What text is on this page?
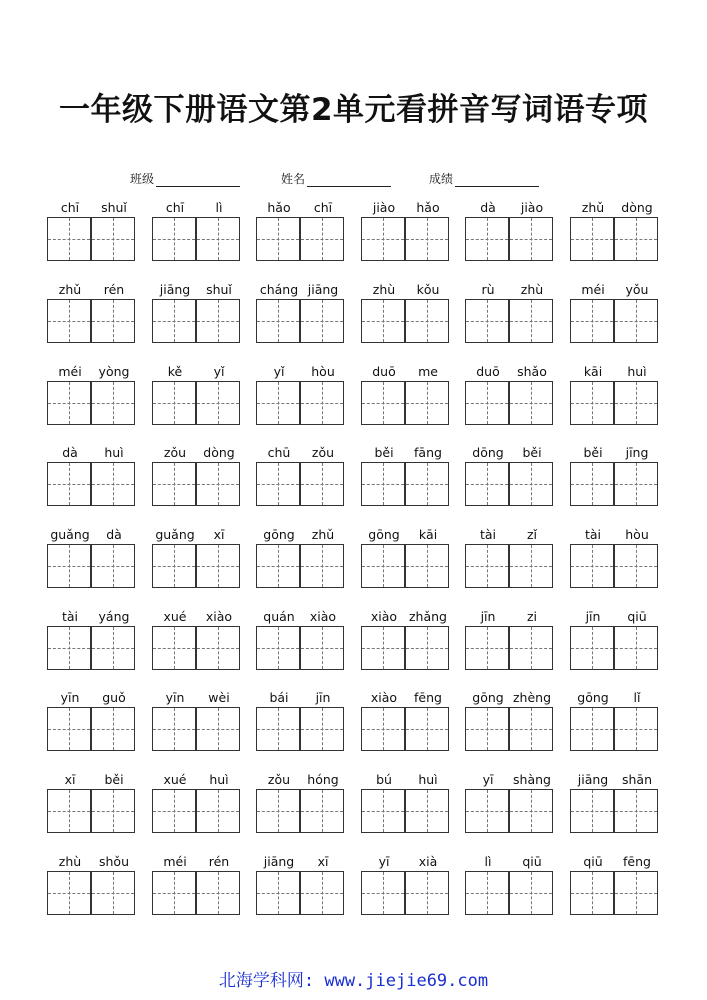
一年级下册语文第2单元看拼音写词语专项
班级	姓名	成绩
chī	shuǐ	chī	lì	hǎo	chī	jiào	hǎo	dà	jiào	zhǔ	dòng
zhǔ	rén	jiāng	shuǐ	cháng jiāng	zhù	kǒu	rù	zhù	méi	yǒu
méi	yòng	kě	yǐ	yǐ	hòu	duō	me	duō	shǎo	kāi	huì
dà	huì	zǒu	dòng	chū	zǒu	běi	fāng	dōng	běi	běi	jīng
guǎng	dà	guǎng	xī	gōng	zhǔ	gōng	kāi	tài	zǐ	tài	hòu
tài	yáng	xué	xiào	quán	xiào	xiào zhǎng	jīn	zi	jīn	qiū
yīn	guǒ	yīn	wèi	bái	jīn	xiào	fēng	gōng zhèng	gōng	lǐ
xī	běi	xué	huì	zǒu	hóng	bú	huì	yī	shàng	jiāng	shān
zhù	shǒu	méi	rén	jiāng	xī	yī	xià	lì	qiū	qiū	fēng
北海学科网: www.jiejie69.com
